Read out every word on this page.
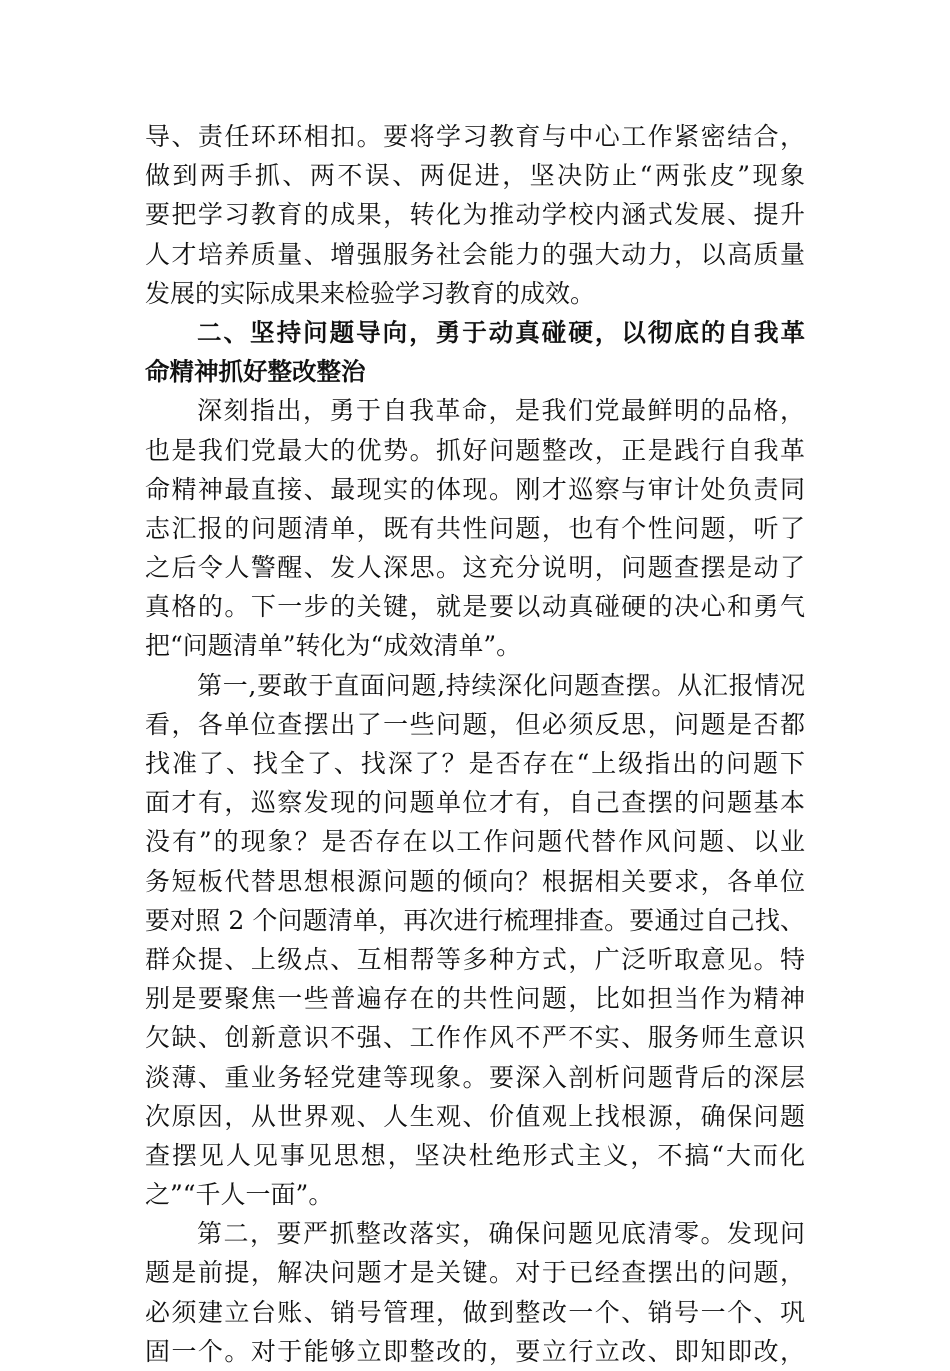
导、责任环环相扣。要将学习教育与中心工作紧密结合，
做到两手抓、两不误、两促进，坚决防止“两张皮”现象
要把学习教育的成果，转化为推动学校内涵式发展、提升
人才培养质量、增强服务社会能力的强大动力，以高质量
发展的实际成果来检验学习教育的成效。
二、坚持问题导向，勇于动真碰硬，以彻底的自我革
命精神抓好整改整治
深刻指出，勇于自我革命，是我们党最鲜明的品格，
也是我们党最大的优势。抓好问题整改，正是践行自我革
命精神最直接、最现实的体现。刚才巡察与审计处负责同
志汇报的问题清单，既有共性问题，也有个性问题，听了
之后令人警醒、发人深思。这充分说明，问题查摆是动了
真格的。下一步的关键，就是要以动真碰硬的决心和勇气
把“问题清单”转化为“成效清单”。
第一,要敢于直面问题,持续深化问题查摆。从汇报情况
看，各单位查摆出了一些问题，但必须反思，问题是否都
找准了、找全了、找深了？是否存在“上级指出的问题下
面才有，巡察发现的问题单位才有，自己查摆的问题基本
没有”的现象？是否存在以工作问题代替作风问题、以业
务短板代替思想根源问题的倾向？根据相关要求，各单位
要对照 2 个问题清单，再次进行梳理排查。要通过自己找、
群众提、上级点、互相帮等多种方式，广泛听取意见。特
别是要聚焦一些普遍存在的共性问题，比如担当作为精神
欠缺、创新意识不强、工作作风不严不实、服务师生意识
淡薄、重业务轻党建等现象。要深入剖析问题背后的深层
次原因，从世界观、人生观、价值观上找根源，确保问题
查摆见人见事见思想，坚决杜绝形式主义，不搞“大而化
之”“千人一面”。
第二，要严抓整改落实，确保问题见底清零。发现问
题是前提，解决问题才是关键。对于已经查摆出的问题，
必须建立台账、销号管理，做到整改一个、销号一个、巩
固一个。对于能够立即整改的，要立行立改、即知即改，
